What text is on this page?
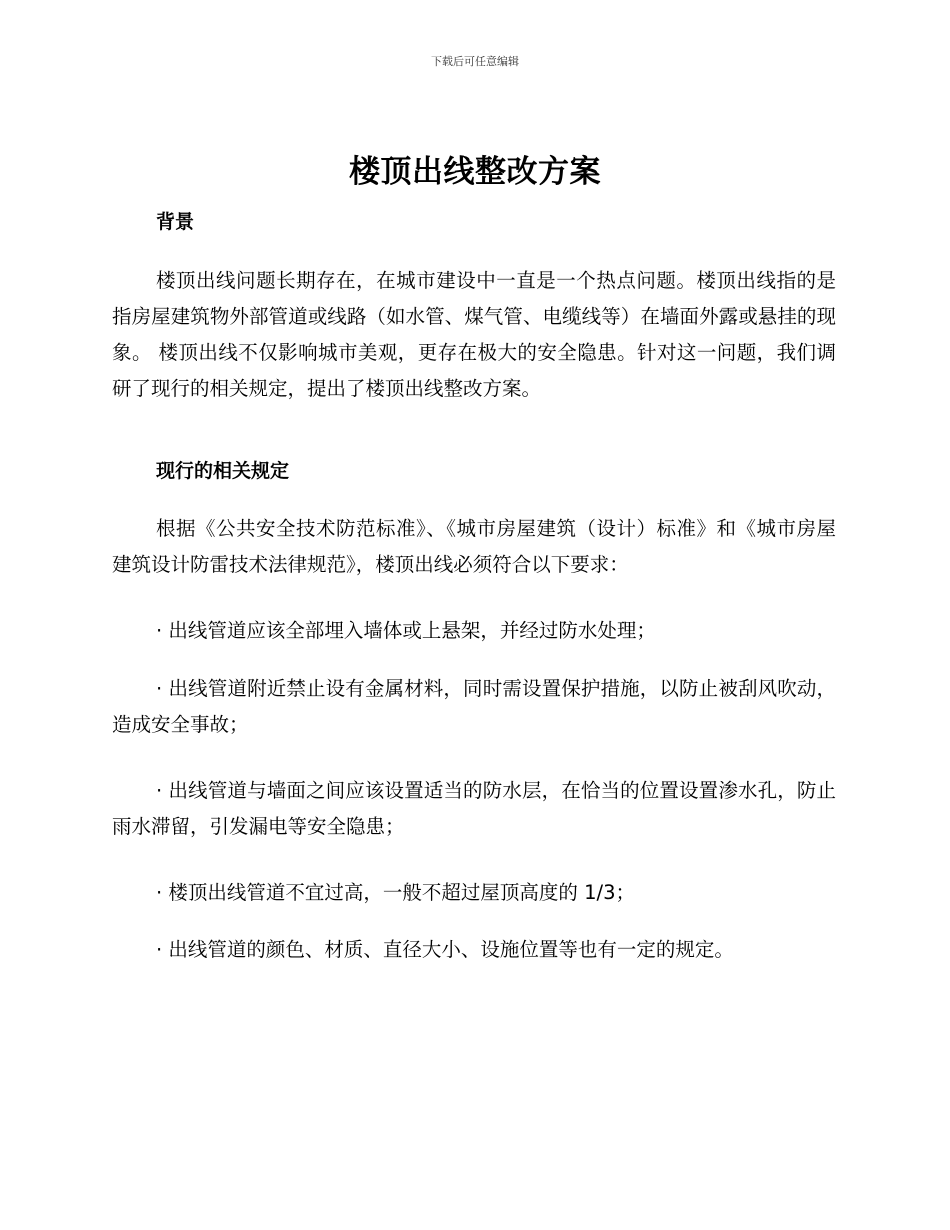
下载后可任意编辑
楼顶出线整改方案
背景

楼顶出线问题长期存在，在城市建设中一直是一个热点问题。楼顶出线指的是指房屋建筑物外部管道或线路（如水管、煤气管、电缆线等）在墙面外露或悬挂的现象。 楼顶出线不仅影响城市美观，更存在极大的安全隐患。针对这一问题，我们调研了现行的相关规定，提出了楼顶出线整改方案。

现行的相关规定

根据《公共安全技术防范标准》、《城市房屋建筑（设计）标准》和《城市房屋建筑设计防雷技术法律规范》，楼顶出线必须符合以下要求：

· 出线管道应该全部埋入墙体或上悬架，并经过防水处理；

· 出线管道附近禁止设有金属材料，同时需设置保护措施，以防止被刮风吹动，造成安全事故；

· 出线管道与墙面之间应该设置适当的防水层，在恰当的位置设置渗水孔，防止雨水滞留，引发漏电等安全隐患；

· 楼顶出线管道不宜过高，一般不超过屋顶高度的 1/3；

· 出线管道的颜色、材质、直径大小、设施位置等也有一定的规定。
